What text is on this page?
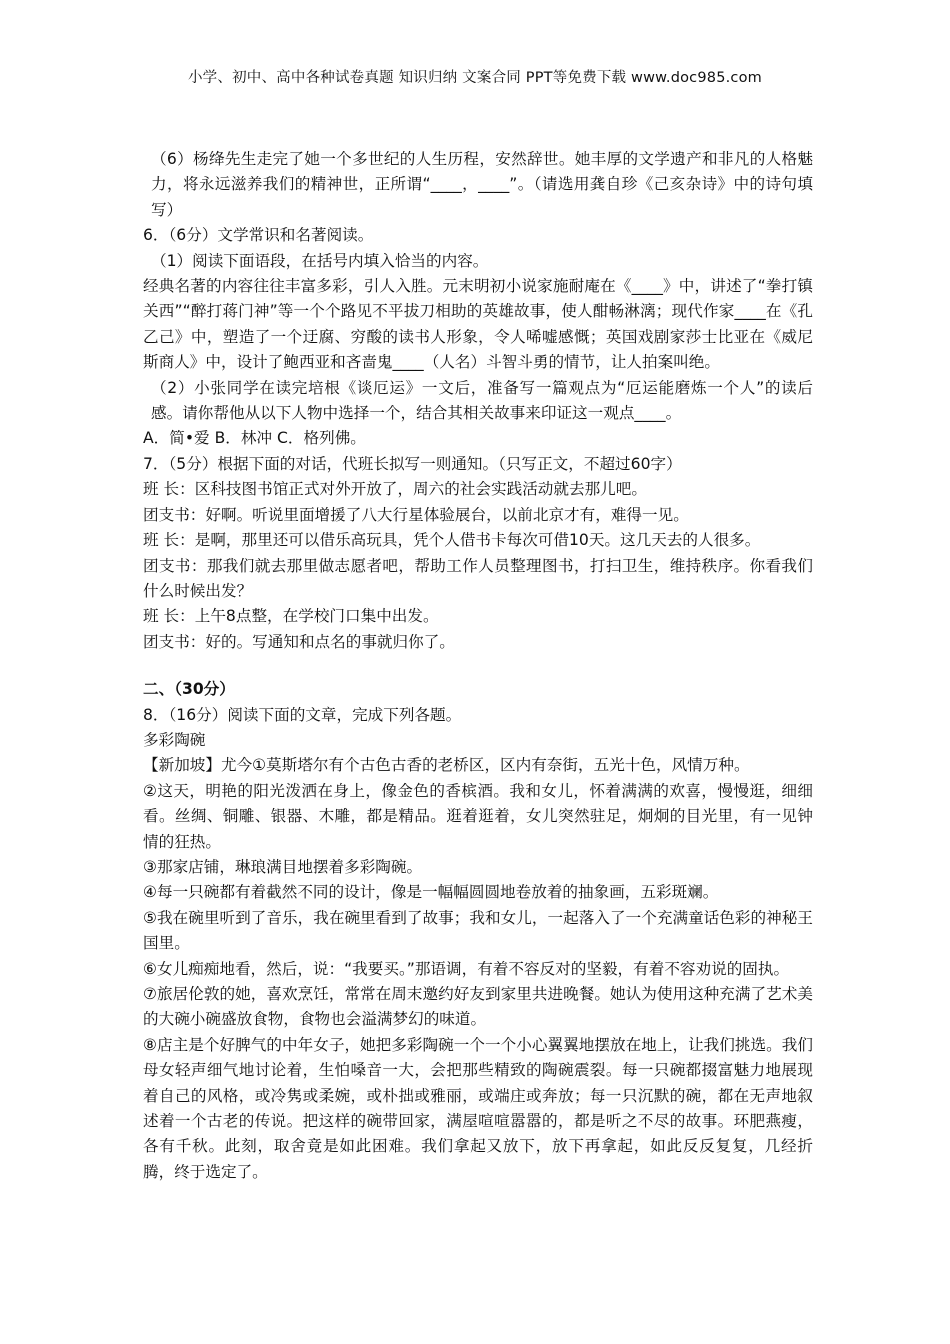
小学、初中、高中各种试卷真题 知识归纳 文案合同 PPT等免费下载 www.doc985.com

（6）杨绛先生走完了她一个多世纪的人生历程，安然辞世。她丰厚的文学遗产和非凡的人格魅力，将永远滋养我们的精神世，正所谓“____，____”。（请选用龚自珍《己亥杂诗》中的诗句填写）

6．（6分）文学常识和名著阅读。

（1）阅读下面语段，在括号内填入恰当的内容。

经典名著的内容往往丰富多彩，引人入胜。元末明初小说家施耐庵在《____》中，讲述了“拳打镇关西”“醉打蒋门神”等一个个路见不平拔刀相助的英雄故事，使人酣畅淋漓；现代作家____在《孔乙己》中，塑造了一个迂腐、穷酸的读书人形象，令人唏嘘感慨；英国戏剧家莎士比亚在《威尼斯商人》中，设计了鲍西亚和吝啬鬼____（人名）斗智斗勇的情节，让人拍案叫绝。

（2）小张同学在读完培根《谈厄运》一文后，准备写一篇观点为“厄运能磨炼一个人”的读后感。请你帮他从以下人物中选择一个，结合其相关故事来印证这一观点____。

A．简•爱 B．林冲 C．格列佛。

7．（5分）根据下面的对话，代班长拟写一则通知。（只写正文，不超过60字）

班 长：区科技图书馆正式对外开放了，周六的社会实践活动就去那儿吧。

团支书：好啊。听说里面增援了八大行星体验展台，以前北京才有，难得一见。

班 长：是啊，那里还可以借乐高玩具，凭个人借书卡每次可借10天。这几天去的人很多。

团支书：那我们就去那里做志愿者吧，帮助工作人员整理图书，打扫卫生，维持秩序。你看我们什么时候出发？

班 长：上午8点整，在学校门口集中出发。

团支书：好的。写通知和点名的事就归你了。

二、（30分）

8．（16分）阅读下面的文章，完成下列各题。

多彩陶碗

【新加坡】尤今①莫斯塔尔有个古色古香的老桥区，区内有奈街，五光十色，风情万种。

②这天，明艳的阳光泼洒在身上，像金色的香槟酒。我和女儿，怀着满满的欢喜，慢慢逛，细细看。丝绸、铜雕、银器、木雕，都是精品。逛着逛着，女儿突然驻足，炯炯的目光里，有一见钟情的狂热。

③那家店铺，琳琅满目地摆着多彩陶碗。

④每一只碗都有着截然不同的设计，像是一幅幅圆圆地卷放着的抽象画，五彩斑斓。

⑤我在碗里听到了音乐，我在碗里看到了故事；我和女儿，一起落入了一个充满童话色彩的神秘王国里。

⑥女儿痴痴地看，然后，说：“我要买。”那语调，有着不容反对的坚毅，有着不容劝说的固执。

⑦旅居伦敦的她，喜欢烹饪，常常在周末邀约好友到家里共进晚餐。她认为使用这种充满了艺术美的大碗小碗盛放食物，食物也会溢满梦幻的味道。

⑧店主是个好脾气的中年女子，她把多彩陶碗一个一个小心翼翼地摆放在地上，让我们挑选。我们母女轻声细气地讨论着，生怕嗓音一大，会把那些精致的陶碗震裂。每一只碗都掇富魅力地展现着自己的风格，或冷隽或柔婉，或朴拙或雅丽，或端庄或奔放；每一只沉默的碗，都在无声地叙述着一个古老的传说。把这样的碗带回家，满屋喧喧嚣嚣的，都是听之不尽的故事。环肥燕瘦，各有千秋。此刻，取舍竟是如此困难。我们拿起又放下，放下再拿起，如此反反复复，几经折腾，终于选定了。
